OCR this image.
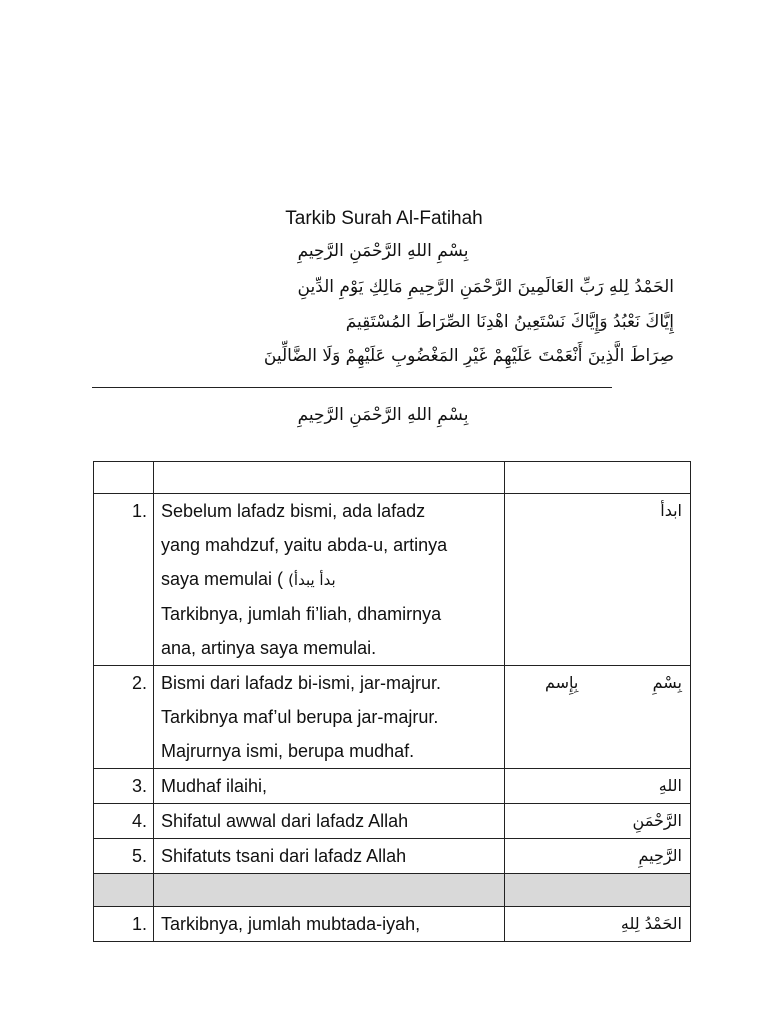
Tarkib Surah Al-Fatihah
بِسْمِ اللهِ الرَّحْمَنِ الرَّحِيمِ
الحَمْدُ لِلهِ رَبِّ العَالَمِينَ الرَّحْمَنِ الرَّحِيمِ مَالِكِ يَوْمِ الدِّينِ
إِيَّاكَ نَعْبُدُ وَإِيَّاكَ نَسْتَعِينُ اهْدِنَا الصِّرَاطَ المُسْتَقِيمَ
صِرَاطَ الَّذِينَ أَنْعَمْتَ عَلَيْهِمْ غَيْرِ المَغْضُوبِ عَلَيْهِمْ وَلَا الضَّالِّينَ
بِسْمِ اللهِ الرَّحْمَنِ الرَّحِيمِ

1.	Sebelum lafadz bismi, ada lafadz
yang mahdzuf, yaitu abda-u, artinya
saya memulai ( بدأ يبدأ)
Tarkibnya, jumlah fi’liah, dhamirnya
ana, artinya saya memulai.	ابدأ
2.	Bismi dari lafadz bi-ismi, jar-majrur.
Tarkibnya maf’ul berupa jar-majrur.
Majrurnya ismi, berupa mudhaf.	بِسْمِ
بِإِسم

3.	Mudhaf ilaihi,	اللهِ
4.	Shifatul awwal dari lafadz Allah	الرَّحْمَنِ
5.	Shifatuts tsani dari lafadz Allah	الرَّحِيمِ

1.	Tarkibnya, jumlah mubtada-iyah,	الحَمْدُ لِلهِ
